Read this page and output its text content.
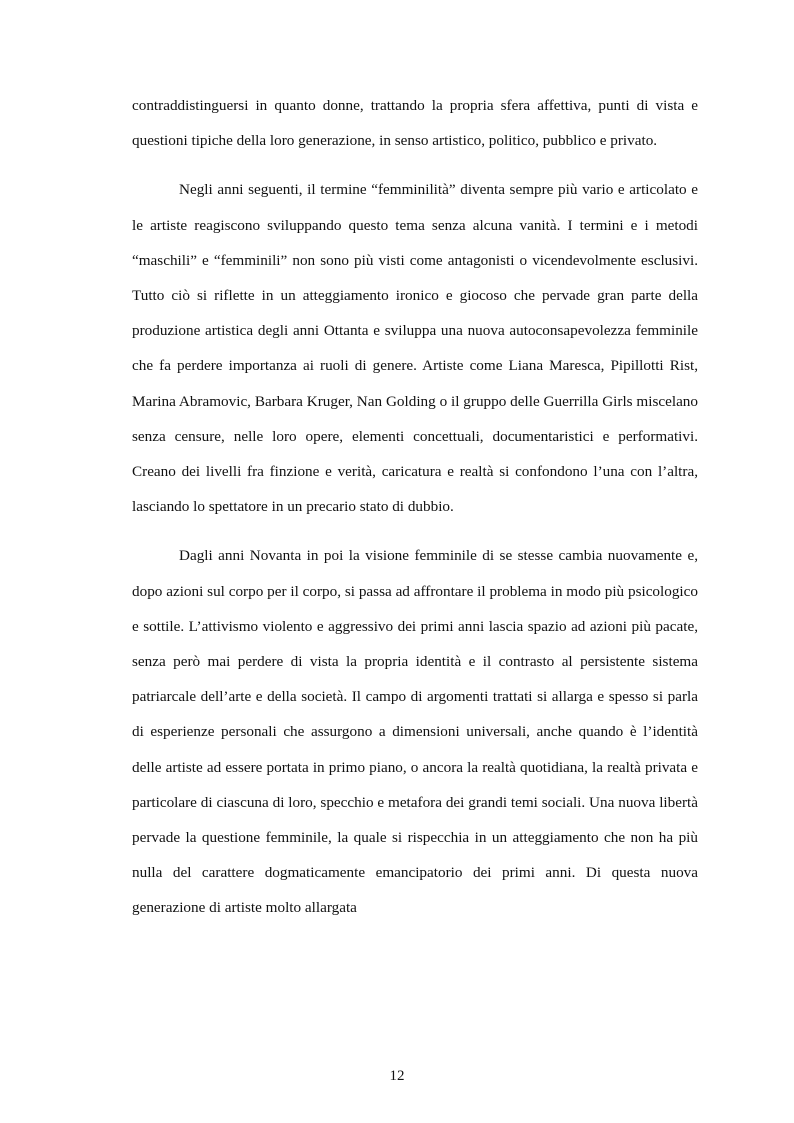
contraddistinguersi in quanto donne, trattando la propria sfera affettiva, punti di vista e questioni tipiche della loro generazione, in senso artistico, politico, pubblico e privato.

Negli anni seguenti, il termine “femminilità” diventa sempre più vario e articolato e le artiste reagiscono sviluppando questo tema senza alcuna vanità. I termini e i metodi “maschili” e “femminili” non sono più visti come antagonisti o vicendevolmente esclusivi. Tutto ciò si riflette in un atteggiamento ironico e giocoso che pervade gran parte della produzione artistica degli anni Ottanta e sviluppa una nuova autoconsapevolezza femminile che fa perdere importanza ai ruoli di genere. Artiste come Liana Maresca, Pipillotti Rist, Marina Abramovic, Barbara Kruger, Nan Golding o il gruppo delle Guerrilla Girls miscelano senza censure, nelle loro opere, elementi concettuali, documentaristici e performativi. Creano dei livelli fra finzione e verità, caricatura e realtà si confondono l’una con l’altra, lasciando lo spettatore in un precario stato di dubbio.

Dagli anni Novanta in poi la visione femminile di se stesse cambia nuovamente e, dopo azioni sul corpo per il corpo, si passa ad affrontare il problema in modo più psicologico e sottile. L’attivismo violento e aggressivo dei primi anni lascia spazio ad azioni più pacate, senza però mai perdere di vista la propria identità e il contrasto al persistente sistema patriarcale dell’arte e della società. Il campo di argomenti trattati si allarga e spesso si parla di esperienze personali che assurgono a dimensioni universali, anche quando è l’identità delle artiste ad essere portata in primo piano, o ancora la realtà quotidiana, la realtà privata e particolare di ciascuna di loro, specchio e metafora dei grandi temi sociali. Una nuova libertà pervade la questione femminile, la quale si rispecchia in un atteggiamento che non ha più nulla del carattere dogmaticamente emancipatorio dei primi anni. Di questa nuova generazione di artiste molto allargata

12
